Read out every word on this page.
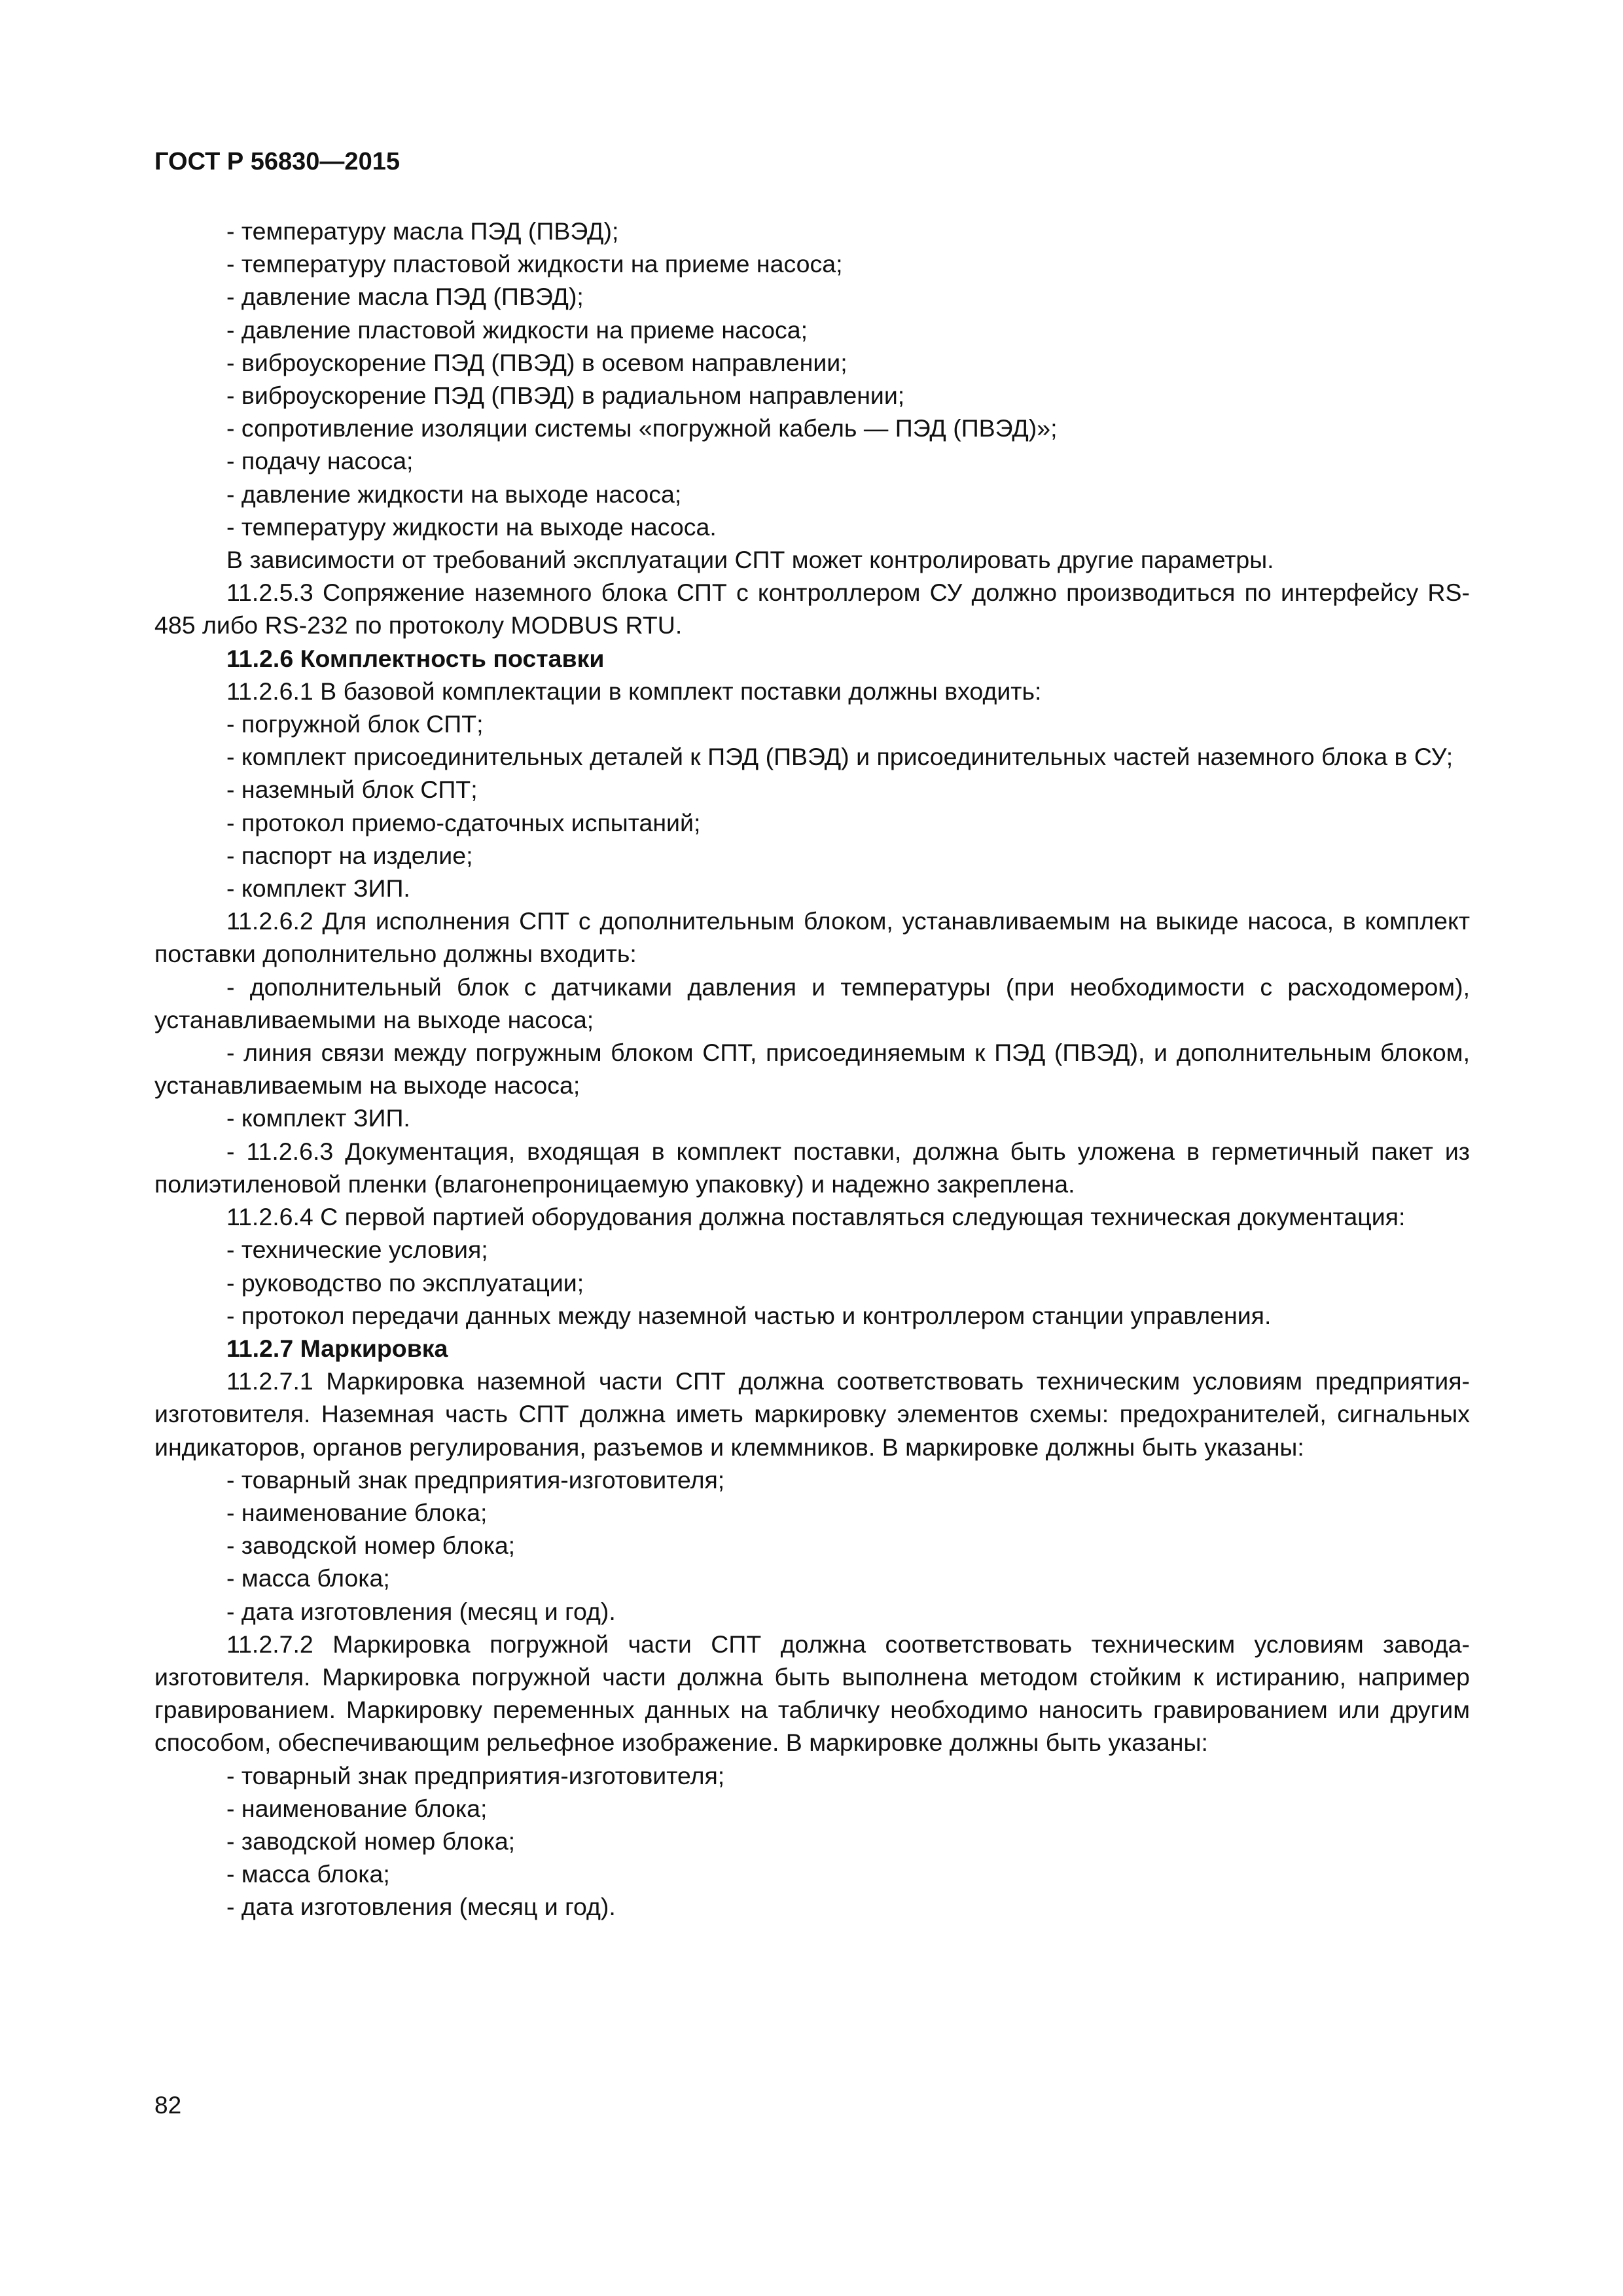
ГОСТ Р 56830—2015

- температуру масла ПЭД (ПВЭД);

- температуру пластовой жидкости на приеме насоса;

- давление масла ПЭД (ПВЭД);

- давление пластовой жидкости на приеме насоса;

- виброускорение ПЭД (ПВЭД) в осевом направлении;

- виброускорение ПЭД (ПВЭД) в радиальном направлении;

- сопротивление изоляции системы «погружной кабель — ПЭД (ПВЭД)»;

- подачу насоса;

- давление жидкости на выходе насоса;

- температуру жидкости на выходе насоса.

В зависимости от требований эксплуатации СПТ может контролировать другие параметры.

11.2.5.3 Сопряжение наземного блока СПТ с контроллером СУ должно производиться по интерфейсу RS-485 либо RS-232 по протоколу MODBUS RTU.

11.2.6 Комплектность поставки

11.2.6.1 В базовой комплектации в комплект поставки должны входить:

- погружной блок СПТ;

- комплект присоединительных деталей к ПЭД (ПВЭД) и присоединительных частей наземного блока в СУ;

- наземный блок СПТ;

- протокол приемо-сдаточных испытаний;

- паспорт на изделие;

- комплект ЗИП.

11.2.6.2 Для исполнения СПТ с дополнительным блоком, устанавливаемым на выкиде насоса, в комплект поставки дополнительно должны входить:

- дополнительный блок с датчиками давления и температуры (при необходимости с расходомером), устанавливаемыми на выходе насоса;

- линия связи между погружным блоком СПТ, присоединяемым к ПЭД (ПВЭД), и дополнительным блоком, устанавливаемым на выходе насоса;

- комплект ЗИП.

- 11.2.6.3 Документация, входящая в комплект поставки, должна быть уложена в герметичный пакет из полиэтиленовой пленки (влагонепроницаемую упаковку) и надежно закреплена.

11.2.6.4 С первой партией оборудования должна поставляться следующая техническая документация:

- технические условия;

- руководство по эксплуатации;

- протокол передачи данных между наземной частью и контроллером станции управления.

11.2.7 Маркировка

11.2.7.1 Маркировка наземной части СПТ должна соответствовать техническим условиям предприятия-изготовителя. Наземная часть СПТ должна иметь маркировку элементов схемы: предохранителей, сигнальных индикаторов, органов регулирования, разъемов и клеммников. В маркировке должны быть указаны:

- товарный знак предприятия-изготовителя;

- наименование блока;

- заводской номер блока;

- масса блока;

- дата изготовления (месяц и год).

11.2.7.2 Маркировка погружной части СПТ должна соответствовать техническим условиям завода-изготовителя. Маркировка погружной части должна быть выполнена методом стойким к истиранию, например гравированием. Маркировку переменных данных на табличку необходимо наносить гравированием или другим способом, обеспечивающим рельефное изображение. В маркировке должны быть указаны:

- товарный знак предприятия-изготовителя;

- наименование блока;

- заводской номер блока;

- масса блока;

- дата изготовления (месяц и год).

82
